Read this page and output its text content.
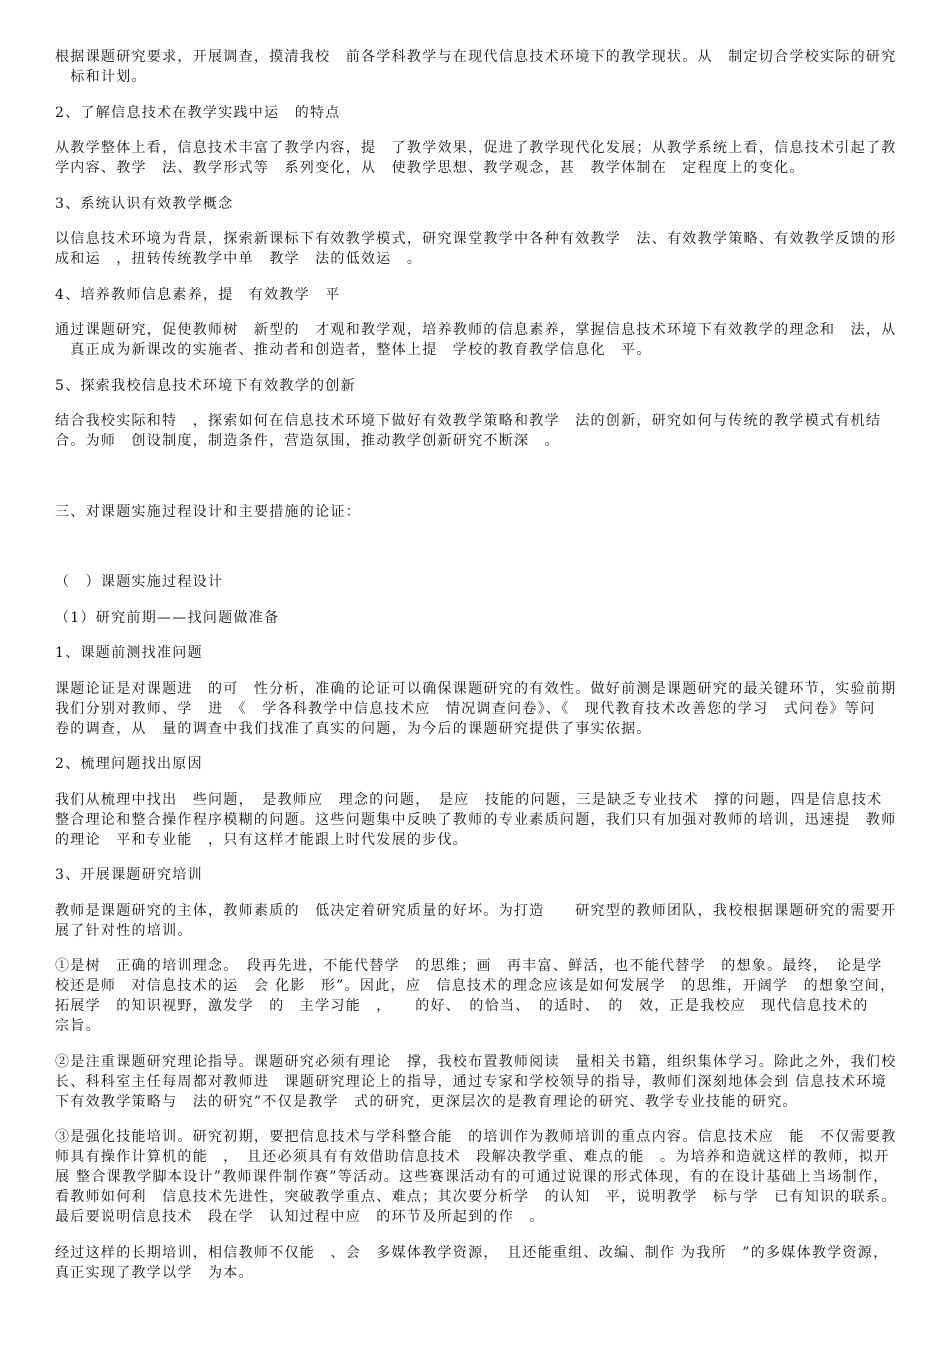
根据课题研究要求，开展调查，摸清我校　前各学科教学与在现代信息技术环境下的教学现状。从　制定切合学校实际的研究
　标和计划。

2、了解信息技术在教学实践中运　的特点

从教学整体上看，信息技术丰富了教学内容，提　了教学效果，促进了教学现代化发展；从教学系统上看，信息技术引起了教
学内容、教学　法、教学形式等　系列变化，从　使教学思想、教学观念，甚　教学体制在　定程度上的变化。

3、系统认识有效教学概念

以信息技术环境为背景，探索新课标下有效教学模式，研究课堂教学中各种有效教学　法、有效教学策略、有效教学反馈的形
成和运　，扭转传统教学中单　教学　法的低效运　。

4、培养教师信息素养，提　有效教学　平

通过课题研究，促使教师树　新型的　才观和教学观，培养教师的信息素养，掌握信息技术环境下有效教学的理念和　法，从
　真正成为新课改的实施者、推动者和创造者，整体上提　学校的教育教学信息化　平。

5、探索我校信息技术环境下有效教学的创新

结合我校实际和特　，探索如何在信息技术环境下做好有效教学策略和教学　法的创新，研究如何与传统的教学模式有机结
合。为师　创设制度，制造条件，营造氛围，推动教学创新研究不断深　。

三、对课题实施过程设计和主要措施的论证：

（　）课题实施过程设计

（1）研究前期——找问题做准备

1、课题前测找准问题

课题论证是对课题进　的可　性分析，准确的论证可以确保课题研究的有效性。做好前测是课题研究的最关键环节，实验前期
我们分别对教师、学　进　《　学各科教学中信息技术应　情况调查问卷》、《　现代教育技术改善您的学习　式问卷》等问
卷的调查，从　量的调查中我们找准了真实的问题，为今后的课题研究提供了事实依据。

2、梳理问题找出原因

我们从梳理中找出　些问题，　是教师应　理念的问题，　是应　技能的问题，三是缺乏专业技术　撑的问题，四是信息技术
整合理论和整合操作程序模糊的问题。这些问题集中反映了教师的专业素质问题，我们只有加强对教师的培训，迅速提　教师
的理论　平和专业能　，只有这样才能跟上时代发展的步伐。

3、开展课题研究培训

教师是课题研究的主体，教师素质的　低决定着研究质量的好坏。为打造　　研究型的教师团队，我校根据课题研究的需要开
展了针对性的培训。

①是树　正确的培训理念。　段再先进，不能代替学　的思维；画　再丰富、鲜活，也不能代替学　的想象。最终，　论是学
校还是师　对信息技术的运　会 化影　形”。因此，应　信息技术的理念应该是如何发展学　的思维，开阔学　的想象空间，
拓展学　的知识视野，激发学　的　主学习能　，　　的好、　的恰当、　的适时、　的　效，正是我校应　现代信息技术的
宗旨。

②是注重课题研究理论指导。课题研究必须有理论　撑，我校布置教师阅读　量相关书籍，组织集体学习。除此之外，我们校
长、科科室主任每周都对教师进　课题研究理论上的指导，通过专家和学校领导的指导，教师们深刻地体会到 信息技术环境
下有效教学策略与　法的研究”不仅是教学　式的研究，更深层次的是教育理论的研究、教学专业技能的研究。

③是强化技能培训。研究初期，要把信息技术与学科整合能　的培训作为教师培训的重点内容。信息技术应　能　不仅需要教
师具有操作计算机的能　，　且还必须具有有效借助信息技术　段解决教学重、难点的能　。为培养和造就这样的教师，拟开
展 整合课教学脚本设计”教师课件制作赛”等活动。这些赛课活动有的可通过说课的形式体现，有的在设计基础上当场制作，
看教师如何利　信息技术先进性，突破教学重点、难点；其次要分析学　的认知　平，说明教学　标与学　已有知识的联系。
最后要说明信息技术　段在学　认知过程中应　的环节及所起到的作　。

经过这样的长期培训，相信教师不仅能　、会　多媒体教学资源，　且还能重组、改编、制作 为我所　”的多媒体教学资源，
真正实现了教学以学　为本。
